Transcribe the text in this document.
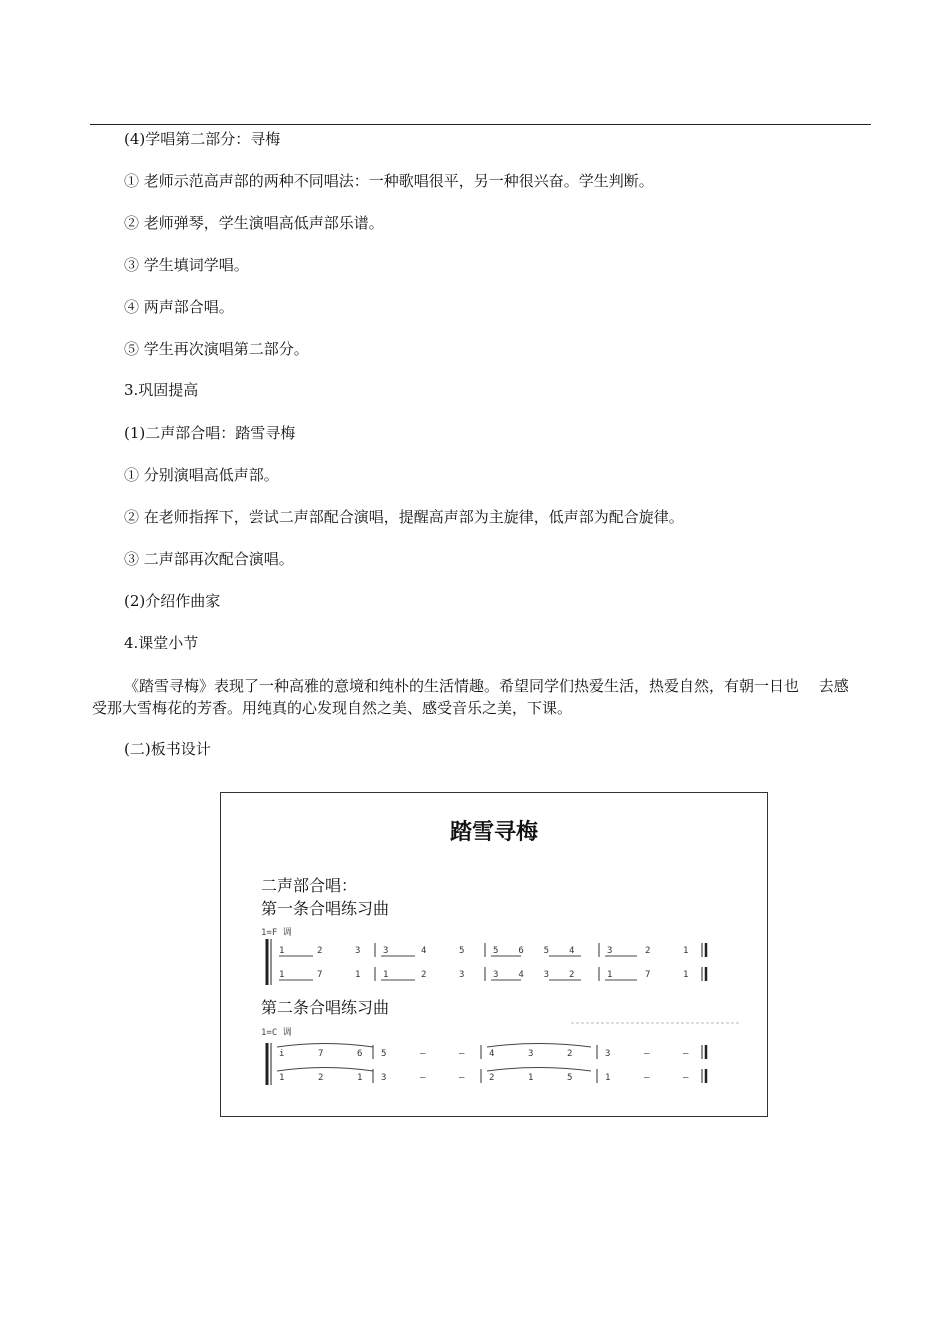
(4)学唱第二部分：寻梅
① 老师示范高声部的两种不同唱法：一种歌唱很平，另一种很兴奋。学生判断。
② 老师弹琴，学生演唱高低声部乐谱。
③ 学生填词学唱。
④ 两声部合唱。
⑤ 学生再次演唱第二部分。
3.巩固提高
(1)二声部合唱：踏雪寻梅
① 分别演唱高低声部。
② 在老师指挥下，尝试二声部配合演唱，提醒高声部为主旋律，低声部为配合旋律。
③ 二声部再次配合演唱。
(2)介绍作曲家
4.课堂小节
《踏雪寻梅》表现了一种高雅的意境和纯朴的生活情趣。希望同学们热爱生活，热爱自然，有朝一日也　 去感受那大雪梅花的芳香。用纯真的心发现自然之美、感受音乐之美，下课。
(二)板书设计
踏雪寻梅
二声部合唱：
第一条合唱练习曲
1=F 调
1	2	3	3	4	5	5 6 5 4	3	2	1
1	7	1	1	2	3	3 4 3 2	1	7	1
第二条合唱练习曲
1=C 调
i	7	6 5	–	–	4	3	2	3	–	–
1	2	1 3	–	–	2	1	5	1	–	–
